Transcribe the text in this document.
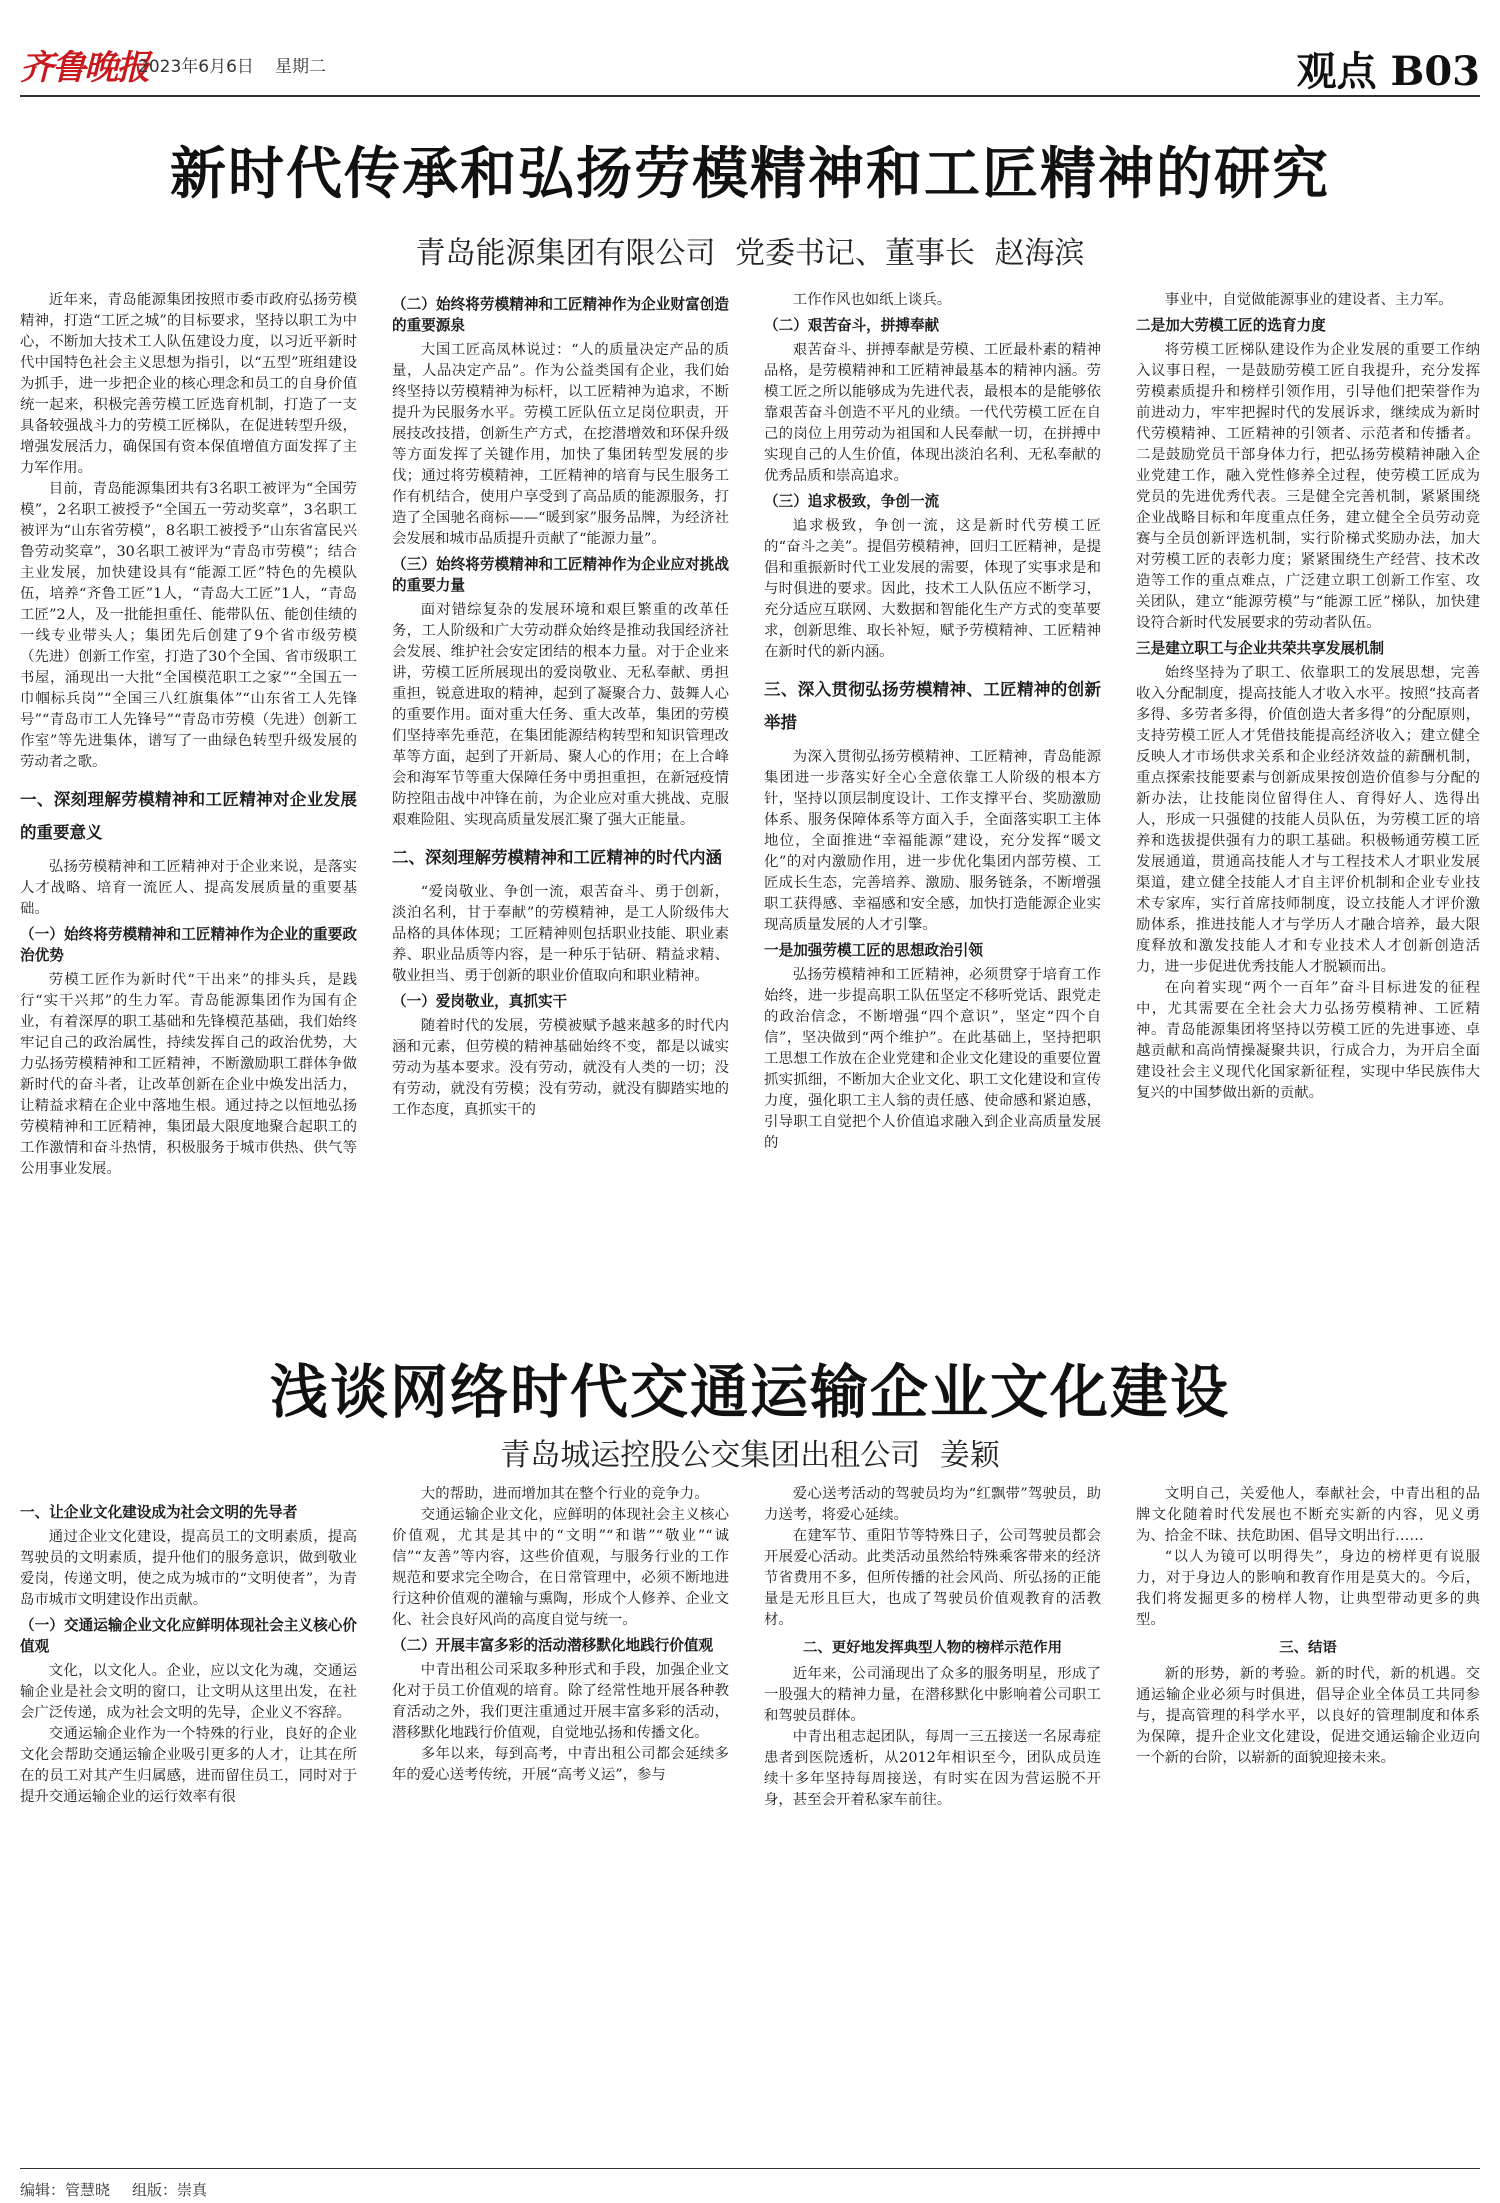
齐鲁晚报
2023年6月6日 星期二	观点 B03
新时代传承和弘扬劳模精神和工匠精神的研究
青岛能源集团有限公司 党委书记、董事长 赵海滨

近年来，青岛能源集团按照市委市政府弘扬劳模精神，打造“工匠之城”的目标要求，坚持以职工为中心，不断加大技术工人队伍建设力度，以习近平新时代中国特色社会主义思想为指引，以“五型”班组建设为抓手，进一步把企业的核心理念和员工的自身价值统一起来，积极完善劳模工匠选育机制，打造了一支具备较强战斗力的劳模工匠梯队，在促进转型升级，增强发展活力，确保国有资本保值增值方面发挥了主力军作用。

目前，青岛能源集团共有3名职工被评为“全国劳模”，2名职工被授予“全国五一劳动奖章”，3名职工被评为“山东省劳模”，8名职工被授予“山东省富民兴鲁劳动奖章”，30名职工被评为“青岛市劳模”；结合主业发展，加快建设具有“能源工匠”特色的先模队伍，培养“齐鲁工匠”1人，“青岛大工匠”1人，“青岛工匠”2人，及一批能担重任、能带队伍、能创佳绩的一线专业带头人；集团先后创建了9个省市级劳模（先进）创新工作室，打造了30个全国、省市级职工书屋，涌现出一大批“全国模范职工之家”“全国五一巾帼标兵岗”“全国三八红旗集体”“山东省工人先锋号”“青岛市工人先锋号”“青岛市劳模（先进）创新工作室”等先进集体，谱写了一曲绿色转型升级发展的劳动者之歌。

一、深刻理解劳模精神和工匠精神对企业发展的重要意义

弘扬劳模精神和工匠精神对于企业来说，是落实人才战略、培育一流匠人、提高发展质量的重要基础。

（一）始终将劳模精神和工匠精神作为企业的重要政治优势

劳模工匠作为新时代“干出来”的排头兵，是践行“实干兴邦”的生力军。青岛能源集团作为国有企业，有着深厚的职工基础和先锋模范基础，我们始终牢记自己的政治属性，持续发挥自己的政治优势，大力弘扬劳模精神和工匠精神，不断激励职工群体争做新时代的奋斗者，让改革创新在企业中焕发出活力，让精益求精在企业中落地生根。通过持之以恒地弘扬劳模精神和工匠精神，集团最大限度地聚合起职工的工作激情和奋斗热情，积极服务于城市供热、供气等公用事业发展。

（二）始终将劳模精神和工匠精神作为企业财富创造的重要源泉

大国工匠高凤林说过：“人的质量决定产品的质量，人品决定产品”。作为公益类国有企业，我们始终坚持以劳模精神为标杆，以工匠精神为追求，不断提升为民服务水平。劳模工匠队伍立足岗位职责，开展技改技措，创新生产方式，在挖潜增效和环保升级等方面发挥了关键作用，加快了集团转型发展的步伐；通过将劳模精神，工匠精神的培育与民生服务工作有机结合，使用户享受到了高品质的能源服务，打造了全国驰名商标——“暖到家”服务品牌，为经济社会发展和城市品质提升贡献了“能源力量”。

（三）始终将劳模精神和工匠精神作为企业应对挑战的重要力量

面对错综复杂的发展环境和艰巨繁重的改革任务，工人阶级和广大劳动群众始终是推动我国经济社会发展、维护社会安定团结的根本力量。对于企业来讲，劳模工匠所展现出的爱岗敬业、无私奉献、勇担重担，锐意进取的精神，起到了凝聚合力、鼓舞人心的重要作用。面对重大任务、重大改革，集团的劳模们坚持率先垂范，在集团能源结构转型和知识管理改革等方面，起到了开新局、聚人心的作用；在上合峰会和海军节等重大保障任务中勇担重担，在新冠疫情防控阻击战中冲锋在前，为企业应对重大挑战、克服艰难险阻、实现高质量发展汇聚了强大正能量。

二、深刻理解劳模精神和工匠精神的时代内涵

“爱岗敬业、争创一流，艰苦奋斗、勇于创新，淡泊名利，甘于奉献”的劳模精神，是工人阶级伟大品格的具体体现；工匠精神则包括职业技能、职业素养、职业品质等内容，是一种乐于钻研、精益求精、敬业担当、勇于创新的职业价值取向和职业精神。

（一）爱岗敬业，真抓实干

随着时代的发展，劳模被赋予越来越多的时代内涵和元素，但劳模的精神基础始终不变，都是以诚实劳动为基本要求。没有劳动，就没有人类的一切；没有劳动，就没有劳模；没有劳动，就没有脚踏实地的工作态度，真抓实干的

工作作风也如纸上谈兵。

（二）艰苦奋斗，拼搏奉献

艰苦奋斗、拼搏奉献是劳模、工匠最朴素的精神品格，是劳模精神和工匠精神最基本的精神内涵。劳模工匠之所以能够成为先进代表，最根本的是能够依靠艰苦奋斗创造不平凡的业绩。一代代劳模工匠在自己的岗位上用劳动为祖国和人民奉献一切，在拼搏中实现自己的人生价值，体现出淡泊名利、无私奉献的优秀品质和崇高追求。

（三）追求极致，争创一流

追求极致，争创一流，这是新时代劳模工匠的“奋斗之美”。提倡劳模精神，回归工匠精神，是提倡和重振新时代工业发展的需要，体现了实事求是和与时俱进的要求。因此，技术工人队伍应不断学习，充分适应互联网、大数据和智能化生产方式的变革要求，创新思维、取长补短，赋予劳模精神、工匠精神在新时代的新内涵。

三、深入贯彻弘扬劳模精神、工匠精神的创新举措

为深入贯彻弘扬劳模精神、工匠精神，青岛能源集团进一步落实好全心全意依靠工人阶级的根本方针，坚持以顶层制度设计、工作支撑平台、奖励激励体系、服务保障体系等方面入手，全面落实职工主体地位，全面推进“幸福能源”建设，充分发挥“暖文化”的对内激励作用，进一步优化集团内部劳模、工匠成长生态，完善培养、激励、服务链条，不断增强职工获得感、幸福感和安全感，加快打造能源企业实现高质量发展的人才引擎。

一是加强劳模工匠的思想政治引领

弘扬劳模精神和工匠精神，必须贯穿于培育工作始终，进一步提高职工队伍坚定不移听党话、跟党走的政治信念，不断增强“四个意识”，坚定“四个自信”，坚决做到“两个维护”。在此基础上，坚持把职工思想工作放在企业党建和企业文化建设的重要位置抓实抓细，不断加大企业文化、职工文化建设和宣传力度，强化职工主人翁的责任感、使命感和紧迫感，引导职工自觉把个人价值追求融入到企业高质量发展的

事业中，自觉做能源事业的建设者、主力军。

二是加大劳模工匠的选育力度

将劳模工匠梯队建设作为企业发展的重要工作纳入议事日程，一是鼓励劳模工匠自我提升，充分发挥劳模素质提升和榜样引领作用，引导他们把荣誉作为前进动力，牢牢把握时代的发展诉求，继续成为新时代劳模精神、工匠精神的引领者、示范者和传播者。二是鼓励党员干部身体力行，把弘扬劳模精神融入企业党建工作，融入党性修养全过程，使劳模工匠成为党员的先进优秀代表。三是健全完善机制，紧紧围绕企业战略目标和年度重点任务，建立健全全员劳动竞赛与全员创新评选机制，实行阶梯式奖励办法，加大对劳模工匠的表彰力度；紧紧围绕生产经营、技术改造等工作的重点难点，广泛建立职工创新工作室、攻关团队，建立“能源劳模”与“能源工匠”梯队，加快建设符合新时代发展要求的劳动者队伍。

三是建立职工与企业共荣共享发展机制

始终坚持为了职工、依靠职工的发展思想，完善收入分配制度，提高技能人才收入水平。按照“技高者多得、多劳者多得，价值创造大者多得”的分配原则，支持劳模工匠人才凭借技能提高经济收入；建立健全反映人才市场供求关系和企业经济效益的薪酬机制，重点探索技能要素与创新成果按创造价值参与分配的新办法，让技能岗位留得住人、育得好人、选得出人，形成一只强健的技能人员队伍，为劳模工匠的培养和选拔提供强有力的职工基础。积极畅通劳模工匠发展通道，贯通高技能人才与工程技术人才职业发展渠道，建立健全技能人才自主评价机制和企业专业技术专家库，实行首席技师制度，设立技能人才评价激励体系，推进技能人才与学历人才融合培养，最大限度释放和激发技能人才和专业技术人才创新创造活力，进一步促进优秀技能人才脱颖而出。

在向着实现“两个一百年”奋斗目标进发的征程中，尤其需要在全社会大力弘扬劳模精神、工匠精神。青岛能源集团将坚持以劳模工匠的先进事迹、卓越贡献和高尚情操凝聚共识，行成合力，为开启全面建设社会主义现代化国家新征程，实现中华民族伟大复兴的中国梦做出新的贡献。

浅谈网络时代交通运输企业文化建设
青岛城运控股公交集团出租公司 姜颖
一、让企业文化建设成为社会文明的先导者

通过企业文化建设，提高员工的文明素质，提高驾驶员的文明素质，提升他们的服务意识，做到敬业爱岗，传递文明，使之成为城市的“文明使者”，为青岛市城市文明建设作出贡献。

（一）交通运输企业文化应鲜明体现社会主义核心价值观

文化，以文化人。企业，应以文化为魂，交通运输企业是社会文明的窗口，让文明从这里出发，在社会广泛传递，成为社会文明的先导，企业义不容辞。

交通运输企业作为一个特殊的行业，良好的企业文化会帮助交通运输企业吸引更多的人才，让其在所在的员工对其产生归属感，进而留住员工，同时对于提升交通运输企业的运行效率有很

大的帮助，进而增加其在整个行业的竞争力。

交通运输企业文化，应鲜明的体现社会主义核心价值观，尤其是其中的“文明”“和谐”“敬业”“诚信”“友善”等内容，这些价值观，与服务行业的工作规范和要求完全吻合，在日常管理中，必须不断地进行这种价值观的灌输与熏陶，形成个人修养、企业文化、社会良好风尚的高度自觉与统一。

（二）开展丰富多彩的活动潜移默化地践行价值观

中青出租公司采取多种形式和手段，加强企业文化对于员工价值观的培育。除了经常性地开展各种教育活动之外，我们更注重通过开展丰富多彩的活动，潜移默化地践行价值观，自觉地弘扬和传播文化。

多年以来，每到高考，中青出租公司都会延续多年的爱心送考传统，开展“高考义运”，参与

爱心送考活动的驾驶员均为“红飘带”驾驶员，助力送考，将爱心延续。

在建军节、重阳节等特殊日子，公司驾驶员都会开展爱心活动。此类活动虽然给特殊乘客带来的经济节省费用不多，但所传播的社会风尚、所弘扬的正能量是无形且巨大，也成了驾驶员价值观教育的活教材。

二、更好地发挥典型人物的榜样示范作用

近年来，公司涌现出了众多的服务明星，形成了一股强大的精神力量，在潜移默化中影响着公司职工和驾驶员群体。

中青出租志起团队，每周一三五接送一名尿毒症患者到医院透析，从2012年相识至今，团队成员连续十多年坚持每周接送，有时实在因为营运脱不开身，甚至会开着私家车前往。

文明自己，关爱他人，奉献社会，中青出租的品牌文化随着时代发展也不断充实新的内容，见义勇为、拾金不昧、扶危助困、倡导文明出行……

“以人为镜可以明得失”，身边的榜样更有说服力，对于身边人的影响和教育作用是莫大的。今后，我们将发掘更多的榜样人物，让典型带动更多的典型。

三、结语

新的形势，新的考验。新的时代，新的机遇。交通运输企业必须与时俱进，倡导企业全体员工共同参与，提高管理的科学水平，以良好的管理制度和体系为保障，提升企业文化建设，促进交通运输企业迈向一个新的台阶，以崭新的面貌迎接未来。

编辑：管慧晓 组版：崇真
